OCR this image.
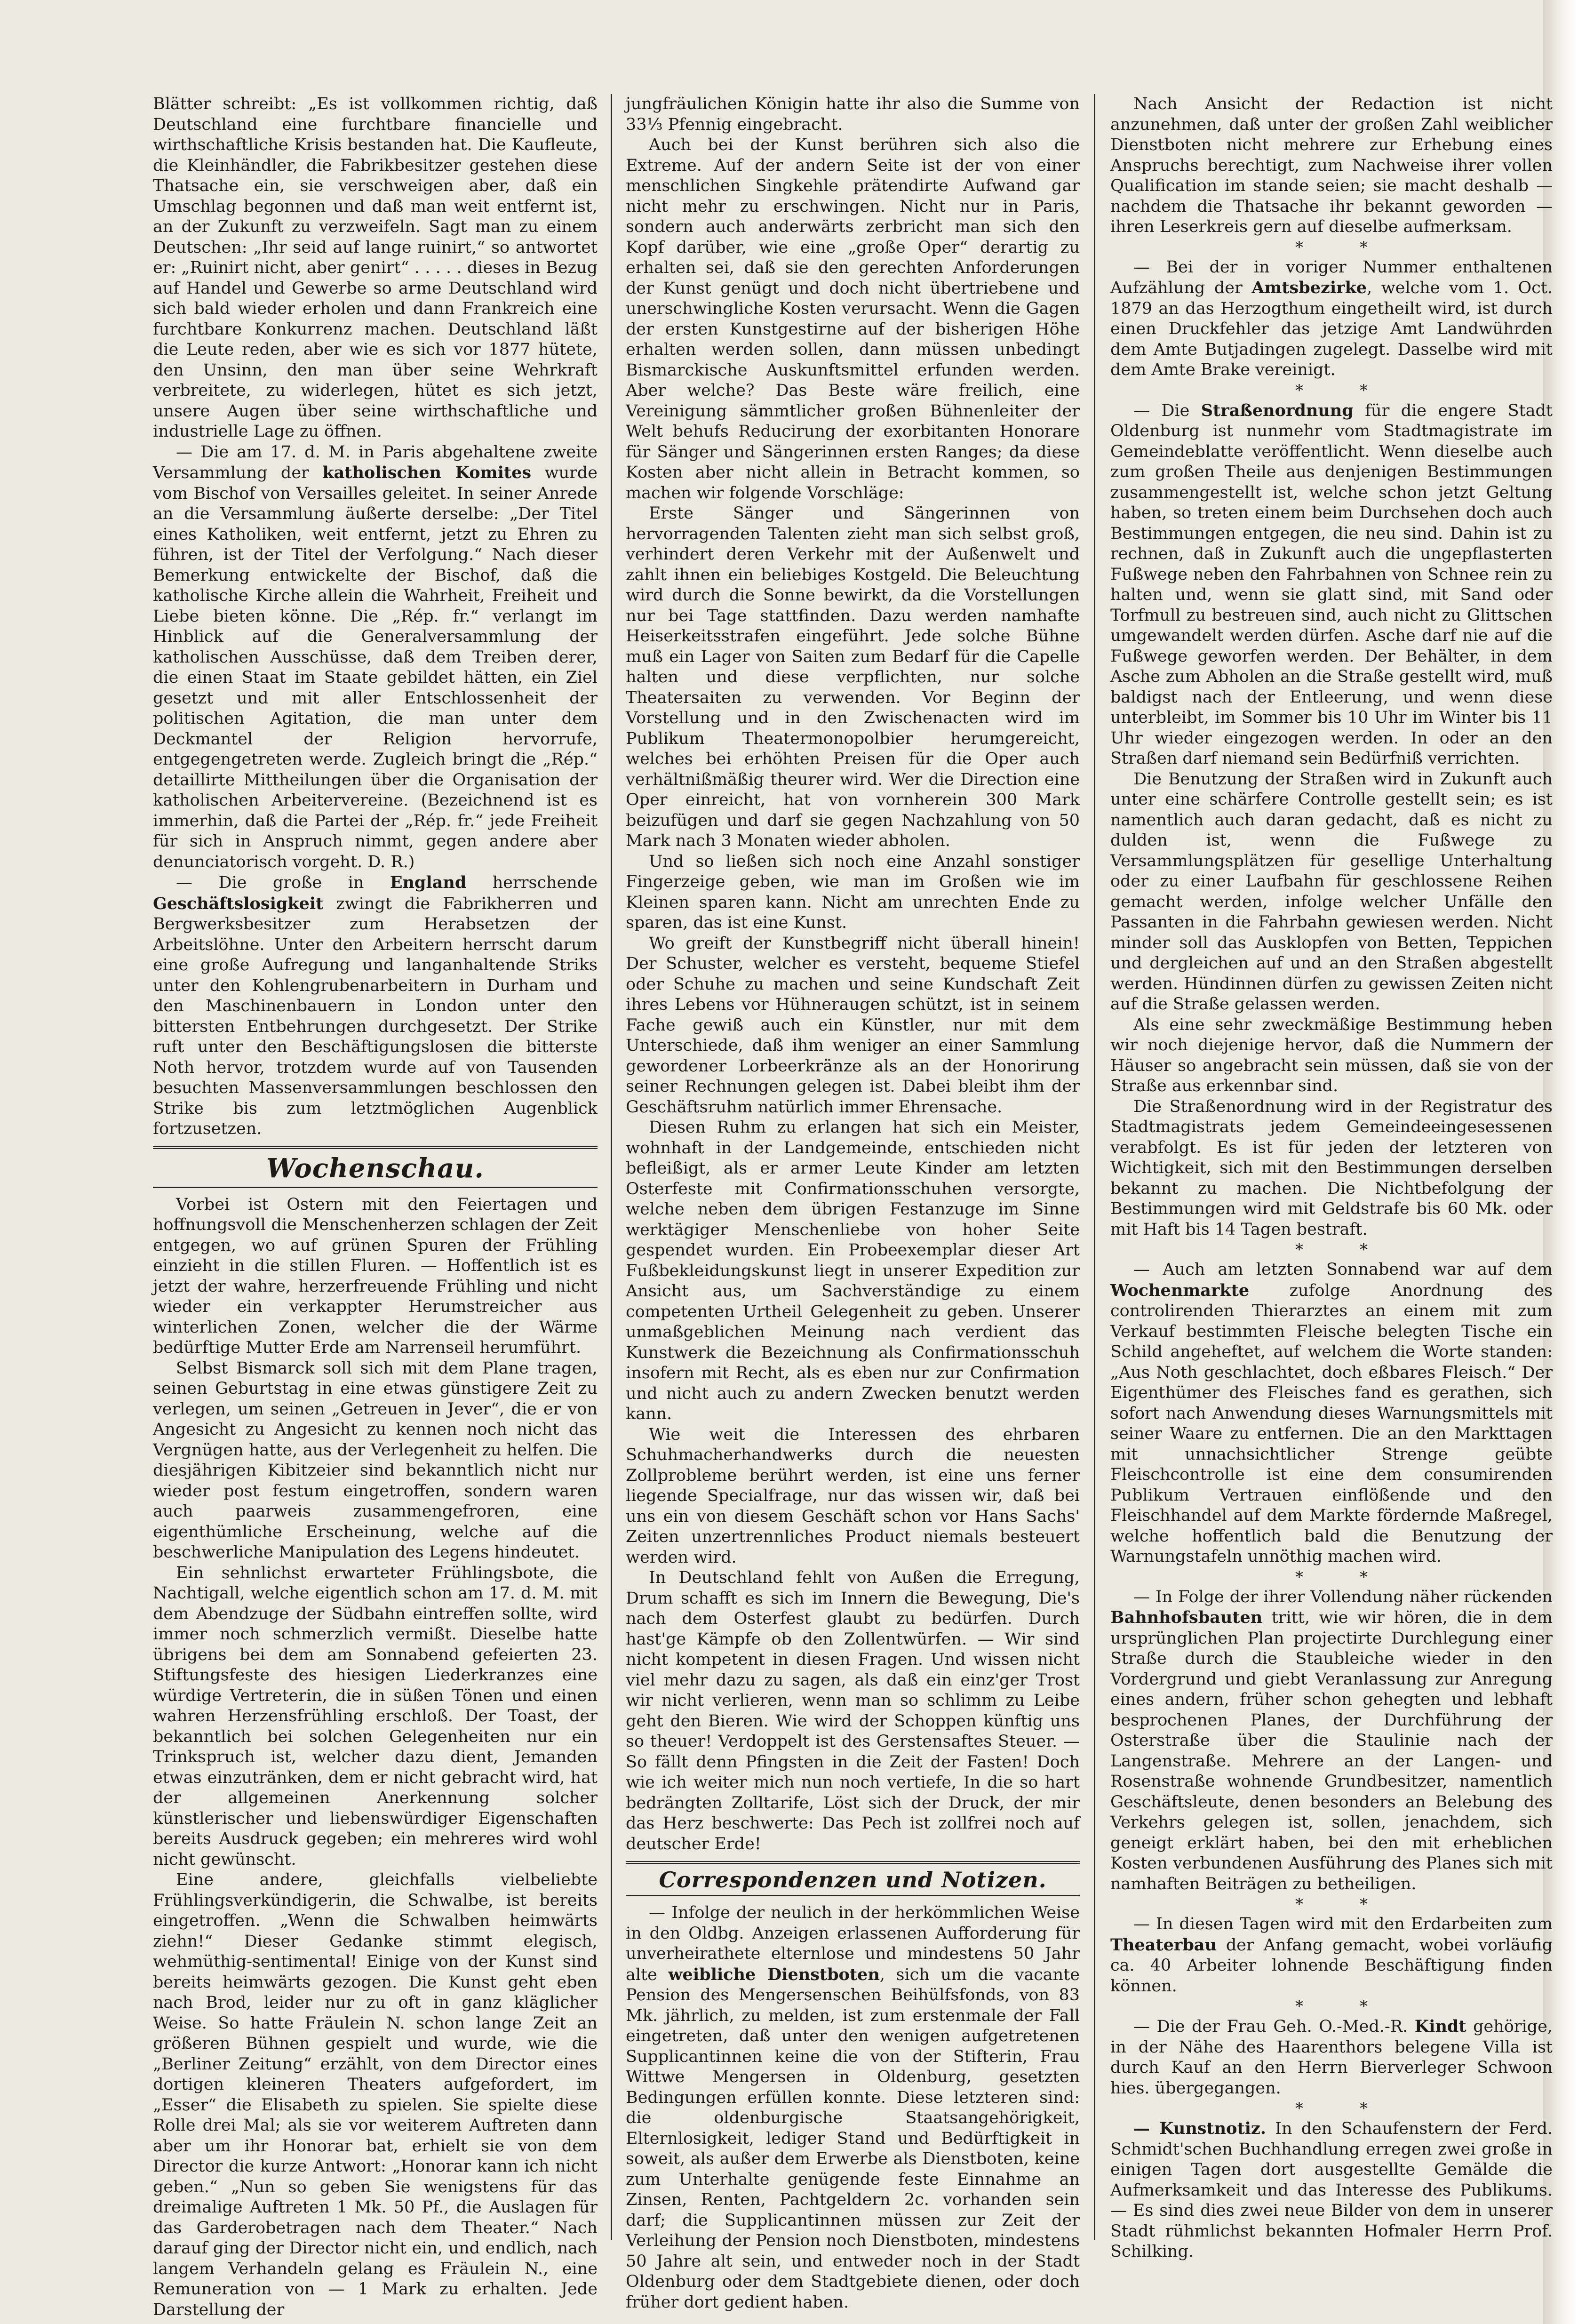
Blätter schreibt: „Es ist vollkommen richtig, daß Deutschland eine furchtbare financielle und wirthschaftliche Krisis bestanden hat. Die Kaufleute, die Kleinhändler, die Fabrikbesitzer gestehen diese Thatsache ein, sie verschweigen aber, daß ein Umschlag begonnen und daß man weit entfernt ist, an der Zukunft zu verzweifeln. Sagt man zu einem Deutschen: „Ihr seid auf lange ruinirt,“ so antwortet er: „Ruinirt nicht, aber genirt“ . . . . . dieses in Bezug auf Handel und Gewerbe so arme Deutschland wird sich bald wieder erholen und dann Frankreich eine furchtbare Konkurrenz machen. Deutschland läßt die Leute reden, aber wie es sich vor 1877 hütete, den Unsinn, den man über seine Wehrkraft verbreitete, zu widerlegen, hütet es sich jetzt, unsere Augen über seine wirthschaftliche und industrielle Lage zu öffnen.

— Die am 17. d. M. in Paris abgehaltene zweite Versammlung der katholischen Komites wurde vom Bischof von Versailles geleitet. In seiner Anrede an die Versammlung äußerte derselbe: „Der Titel eines Katholiken, weit entfernt, jetzt zu Ehren zu führen, ist der Titel der Verfolgung.“ Nach dieser Bemerkung entwickelte der Bischof, daß die katholische Kirche allein die Wahrheit, Freiheit und Liebe bieten könne. Die „Rép. fr.“ verlangt im Hinblick auf die Generalversammlung der katholischen Ausschüsse, daß dem Treiben derer, die einen Staat im Staate gebildet hätten, ein Ziel gesetzt und mit aller Entschlossenheit der politischen Agitation, die man unter dem Deckmantel der Religion hervorrufe, entgegengetreten werde. Zugleich bringt die „Rép.“ detaillirte Mittheilungen über die Organisation der katholischen Arbeitervereine. (Bezeichnend ist es immerhin, daß die Partei der „Rép. fr.“ jede Freiheit für sich in Anspruch nimmt, gegen andere aber denunciatorisch vorgeht. D. R.)

— Die große in England herrschende Geschäftslosigkeit zwingt die Fabrikherren und Bergwerksbesitzer zum Herabsetzen der Arbeitslöhne. Unter den Arbeitern herrscht darum eine große Aufregung und langanhaltende Striks unter den Kohlengrubenarbeitern in Durham und den Maschinenbauern in London unter den bittersten Entbehrungen durchgesetzt. Der Strike ruft unter den Beschäftigungslosen die bitterste Noth hervor, trotzdem wurde auf von Tausenden besuchten Massenversammlungen beschlossen den Strike bis zum letztmöglichen Augenblick fortzusetzen.

Wochenschau.

Vorbei ist Ostern mit den Feiertagen und hoffnungsvoll die Menschenherzen schlagen der Zeit entgegen, wo auf grünen Spuren der Frühling einzieht in die stillen Fluren. — Hoffentlich ist es jetzt der wahre, herzerfreuende Frühling und nicht wieder ein verkappter Herumstreicher aus winterlichen Zonen, welcher die der Wärme bedürftige Mutter Erde am Narrenseil herumführt.

Selbst Bismarck soll sich mit dem Plane tragen, seinen Geburtstag in eine etwas günstigere Zeit zu verlegen, um seinen „Getreuen in Jever“, die er von Angesicht zu Angesicht zu kennen noch nicht das Vergnügen hatte, aus der Verlegenheit zu helfen. Die diesjährigen Kibitzeier sind bekanntlich nicht nur wieder post festum eingetroffen, sondern waren auch paarweis zusammengefroren, eine eigenthümliche Erscheinung, welche auf die beschwerliche Manipulation des Legens hindeutet.

Ein sehnlichst erwarteter Frühlingsbote, die Nachtigall, welche eigentlich schon am 17. d. M. mit dem Abendzuge der Südbahn eintreffen sollte, wird immer noch schmerzlich vermißt. Dieselbe hatte übrigens bei dem am Sonnabend gefeierten 23. Stiftungsfeste des hiesigen Liederkranzes eine würdige Vertreterin, die in süßen Tönen und einen wahren Herzensfrühling erschloß. Der Toast, der bekanntlich bei solchen Gelegenheiten nur ein Trinkspruch ist, welcher dazu dient, Jemanden etwas einzutränken, dem er nicht gebracht wird, hat der allgemeinen Anerkennung solcher künstlerischer und liebenswürdiger Eigenschaften bereits Ausdruck gegeben; ein mehreres wird wohl nicht gewünscht.

Eine andere, gleichfalls vielbeliebte Frühlingsverkündigerin, die Schwalbe, ist bereits eingetroffen. „Wenn die Schwalben heimwärts ziehn!“ Dieser Gedanke stimmt elegisch, wehmüthig-sentimental! Einige von der Kunst sind bereits heimwärts gezogen. Die Kunst geht eben nach Brod, leider nur zu oft in ganz kläglicher Weise. So hatte Fräulein N. schon lange Zeit an größeren Bühnen gespielt und wurde, wie die „Berliner Zeitung“ erzählt, von dem Director eines dortigen kleineren Theaters aufgefordert, im „Esser“ die Elisabeth zu spielen. Sie spielte diese Rolle drei Mal; als sie vor weiterem Auftreten dann aber um ihr Honorar bat, erhielt sie von dem Director die kurze Antwort: „Honorar kann ich nicht geben.“ „Nun so geben Sie wenigstens für das dreimalige Auftreten 1 Mk. 50 Pf., die Auslagen für das Garderobetragen nach dem Theater.“ Nach darauf ging der Director nicht ein, und endlich, nach langem Verhandeln gelang es Fräulein N., eine Remuneration von — 1 Mark zu erhalten. Jede Darstellung der

jungfräulichen Königin hatte ihr also die Summe von 33⅓ Pfennig eingebracht.

Auch bei der Kunst berühren sich also die Extreme. Auf der andern Seite ist der von einer menschlichen Singkehle prätendirte Aufwand gar nicht mehr zu erschwingen. Nicht nur in Paris, sondern auch anderwärts zerbricht man sich den Kopf darüber, wie eine „große Oper“ derartig zu erhalten sei, daß sie den gerechten Anforderungen der Kunst genügt und doch nicht übertriebene und unerschwingliche Kosten verursacht. Wenn die Gagen der ersten Kunstgestirne auf der bisherigen Höhe erhalten werden sollen, dann müssen unbedingt Bismarckische Auskunftsmittel erfunden werden. Aber welche? Das Beste wäre freilich, eine Vereinigung sämmtlicher großen Bühnenleiter der Welt behufs Reducirung der exorbitanten Honorare für Sänger und Sängerinnen ersten Ranges; da diese Kosten aber nicht allein in Betracht kommen, so machen wir folgende Vorschläge:

Erste Sänger und Sängerinnen von hervorragenden Talenten zieht man sich selbst groß, verhindert deren Verkehr mit der Außenwelt und zahlt ihnen ein beliebiges Kostgeld. Die Beleuchtung wird durch die Sonne bewirkt, da die Vorstellungen nur bei Tage stattfinden. Dazu werden namhafte Heiserkeitsstrafen eingeführt. Jede solche Bühne muß ein Lager von Saiten zum Bedarf für die Capelle halten und diese verpflichten, nur solche Theatersaiten zu verwenden. Vor Beginn der Vorstellung und in den Zwischenacten wird im Publikum Theatermonopolbier herumgereicht, welches bei erhöhten Preisen für die Oper auch verhältnißmäßig theurer wird. Wer die Direction eine Oper einreicht, hat von vornherein 300 Mark beizufügen und darf sie gegen Nachzahlung von 50 Mark nach 3 Monaten wieder abholen.

Und so ließen sich noch eine Anzahl sonstiger Fingerzeige geben, wie man im Großen wie im Kleinen sparen kann. Nicht am unrechten Ende zu sparen, das ist eine Kunst.

Wo greift der Kunstbegriff nicht überall hinein! Der Schuster, welcher es versteht, bequeme Stiefel oder Schuhe zu machen und seine Kundschaft Zeit ihres Lebens vor Hühneraugen schützt, ist in seinem Fache gewiß auch ein Künstler, nur mit dem Unterschiede, daß ihm weniger an einer Sammlung gewordener Lorbeerkränze als an der Honorirung seiner Rechnungen gelegen ist. Dabei bleibt ihm der Geschäftsruhm natürlich immer Ehrensache.

Diesen Ruhm zu erlangen hat sich ein Meister, wohnhaft in der Landgemeinde, entschieden nicht befleißigt, als er armer Leute Kinder am letzten Osterfeste mit Confirmationsschuhen versorgte, welche neben dem übrigen Festanzuge im Sinne werktägiger Menschenliebe von hoher Seite gespendet wurden. Ein Probeexemplar dieser Art Fußbekleidungskunst liegt in unserer Expedition zur Ansicht aus, um Sachverständige zu einem competenten Urtheil Gelegenheit zu geben. Unserer unmaßgeblichen Meinung nach verdient das Kunstwerk die Bezeichnung als Confirmationsschuh insofern mit Recht, als es eben nur zur Confirmation und nicht auch zu andern Zwecken benutzt werden kann.

Wie weit die Interessen des ehrbaren Schuhmacherhandwerks durch die neuesten Zollprobleme berührt werden, ist eine uns ferner liegende Specialfrage, nur das wissen wir, daß bei uns ein von diesem Geschäft schon vor Hans Sachs' Zeiten unzertrennliches Product niemals besteuert werden wird.

In Deutschland fehlt von Außen die Erregung, Drum schafft es sich im Innern die Bewegung, Die's nach dem Osterfest glaubt zu bedürfen. Durch hast'ge Kämpfe ob den Zollentwürfen. — Wir sind nicht kompetent in diesen Fragen. Und wissen nicht viel mehr dazu zu sagen, als daß ein einz'ger Trost wir nicht verlieren, wenn man so schlimm zu Leibe geht den Bieren. Wie wird der Schoppen künftig uns so theuer! Verdoppelt ist des Gerstensaftes Steuer. — So fällt denn Pfingsten in die Zeit der Fasten! Doch wie ich weiter mich nun noch vertiefe, In die so hart bedrängten Zolltarife, Löst sich der Druck, der mir das Herz beschwerte: Das Pech ist zollfrei noch auf deutscher Erde!

Correspondenzen und Notizen.

— Infolge der neulich in der herkömmlichen Weise in den Oldbg. Anzeigen erlassenen Aufforderung für unverheirathete elternlose und mindestens 50 Jahr alte weibliche Dienstboten, sich um die vacante Pension des Mengersenschen Beihülfsfonds, von 83 Mk. jährlich, zu melden, ist zum erstenmale der Fall eingetreten, daß unter den wenigen aufgetretenen Supplicantinnen keine die von der Stifterin, Frau Wittwe Mengersen in Oldenburg, gesetzten Bedingungen erfüllen konnte. Diese letzteren sind: die oldenburgische Staatsangehörigkeit, Elternlosigkeit, lediger Stand und Bedürftigkeit in soweit, als außer dem Erwerbe als Dienstboten, keine zum Unterhalte genügende feste Einnahme an Zinsen, Renten, Pachtgeldern 2c. vorhanden sein darf; die Supplicantinnen müssen zur Zeit der Verleihung der Pension noch Dienstboten, mindestens 50 Jahre alt sein, und entweder noch in der Stadt Oldenburg oder dem Stadtgebiete dienen, oder doch früher dort gedient haben.

Nach Ansicht der Redaction ist nicht anzunehmen, daß unter der großen Zahl weiblicher Dienstboten nicht mehrere zur Erhebung eines Anspruchs berechtigt, zum Nachweise ihrer vollen Qualification im stande seien; sie macht deshalb — nachdem die Thatsache ihr bekannt geworden — ihren Leserkreis gern auf dieselbe aufmerksam.

*	*

— Bei der in voriger Nummer enthaltenen Aufzählung der Amtsbezirke, welche vom 1. Oct. 1879 an das Herzogthum eingetheilt wird, ist durch einen Druckfehler das jetzige Amt Landwührden dem Amte Butjadingen zugelegt. Dasselbe wird mit dem Amte Brake vereinigt.

*	*

— Die Straßenordnung für die engere Stadt Oldenburg ist nunmehr vom Stadtmagistrate im Gemeindeblatte veröffentlicht. Wenn dieselbe auch zum großen Theile aus denjenigen Bestimmungen zusammengestellt ist, welche schon jetzt Geltung haben, so treten einem beim Durchsehen doch auch Bestimmungen entgegen, die neu sind. Dahin ist zu rechnen, daß in Zukunft auch die ungepflasterten Fußwege neben den Fahrbahnen von Schnee rein zu halten und, wenn sie glatt sind, mit Sand oder Torfmull zu bestreuen sind, auch nicht zu Glittschen umgewandelt werden dürfen. Asche darf nie auf die Fußwege geworfen werden. Der Behälter, in dem Asche zum Abholen an die Straße gestellt wird, muß baldigst nach der Entleerung, und wenn diese unterbleibt, im Sommer bis 10 Uhr im Winter bis 11 Uhr wieder eingezogen werden. In oder an den Straßen darf niemand sein Bedürfniß verrichten.

Die Benutzung der Straßen wird in Zukunft auch unter eine schärfere Controlle gestellt sein; es ist namentlich auch daran gedacht, daß es nicht zu dulden ist, wenn die Fußwege zu Versammlungsplätzen für gesellige Unterhaltung oder zu einer Laufbahn für geschlossene Reihen gemacht werden, infolge welcher Unfälle den Passanten in die Fahrbahn gewiesen werden. Nicht minder soll das Ausklopfen von Betten, Teppichen und dergleichen auf und an den Straßen abgestellt werden. Hündinnen dürfen zu gewissen Zeiten nicht auf die Straße gelassen werden.

Als eine sehr zweckmäßige Bestimmung heben wir noch diejenige hervor, daß die Nummern der Häuser so angebracht sein müssen, daß sie von der Straße aus erkennbar sind.

Die Straßenordnung wird in der Registratur des Stadtmagistrats jedem Gemeindeeingesessenen verabfolgt. Es ist für jeden der letzteren von Wichtigkeit, sich mit den Bestimmungen derselben bekannt zu machen. Die Nichtbefolgung der Bestimmungen wird mit Geldstrafe bis 60 Mk. oder mit Haft bis 14 Tagen bestraft.

*	*

— Auch am letzten Sonnabend war auf dem Wochenmarkte zufolge Anordnung des controlirenden Thierarztes an einem mit zum Verkauf bestimmten Fleische belegten Tische ein Schild angeheftet, auf welchem die Worte standen: „Aus Noth geschlachtet, doch eßbares Fleisch.“ Der Eigenthümer des Fleisches fand es gerathen, sich sofort nach Anwendung dieses Warnungsmittels mit seiner Waare zu entfernen. Die an den Markttagen mit unnachsichtlicher Strenge geübte Fleischcontrolle ist eine dem consumirenden Publikum Vertrauen einflößende und den Fleischhandel auf dem Markte fördernde Maßregel, welche hoffentlich bald die Benutzung der Warnungstafeln unnöthig machen wird.

*	*

— In Folge der ihrer Vollendung näher rückenden Bahnhofsbauten tritt, wie wir hören, die in dem ursprünglichen Plan projectirte Durchlegung einer Straße durch die Staubleiche wieder in den Vordergrund und giebt Veranlassung zur Anregung eines andern, früher schon gehegten und lebhaft besprochenen Planes, der Durchführung der Osterstraße über die Staulinie nach der Langenstraße. Mehrere an der Langen- und Rosenstraße wohnende Grundbesitzer, namentlich Geschäftsleute, denen besonders an Belebung des Verkehrs gelegen ist, sollen, jenachdem, sich geneigt erklärt haben, bei den mit erheblichen Kosten verbundenen Ausführung des Planes sich mit namhaften Beiträgen zu betheiligen.

*	*

— In diesen Tagen wird mit den Erdarbeiten zum Theaterbau der Anfang gemacht, wobei vorläufig ca. 40 Arbeiter lohnende Beschäftigung finden können.

*	*

— Die der Frau Geh. O.-Med.-R. Kindt gehörige, in der Nähe des Haarenthors belegene Villa ist durch Kauf an den Herrn Bierverleger Schwoon hies. übergegangen.

*	*

— Kunstnotiz. In den Schaufenstern der Ferd. Schmidt'schen Buchhandlung erregen zwei große in einigen Tagen dort ausgestellte Gemälde die Aufmerksamkeit und das Interesse des Publikums. — Es sind dies zwei neue Bilder von dem in unserer Stadt rühmlichst bekannten Hofmaler Herrn Prof. Schilking.
